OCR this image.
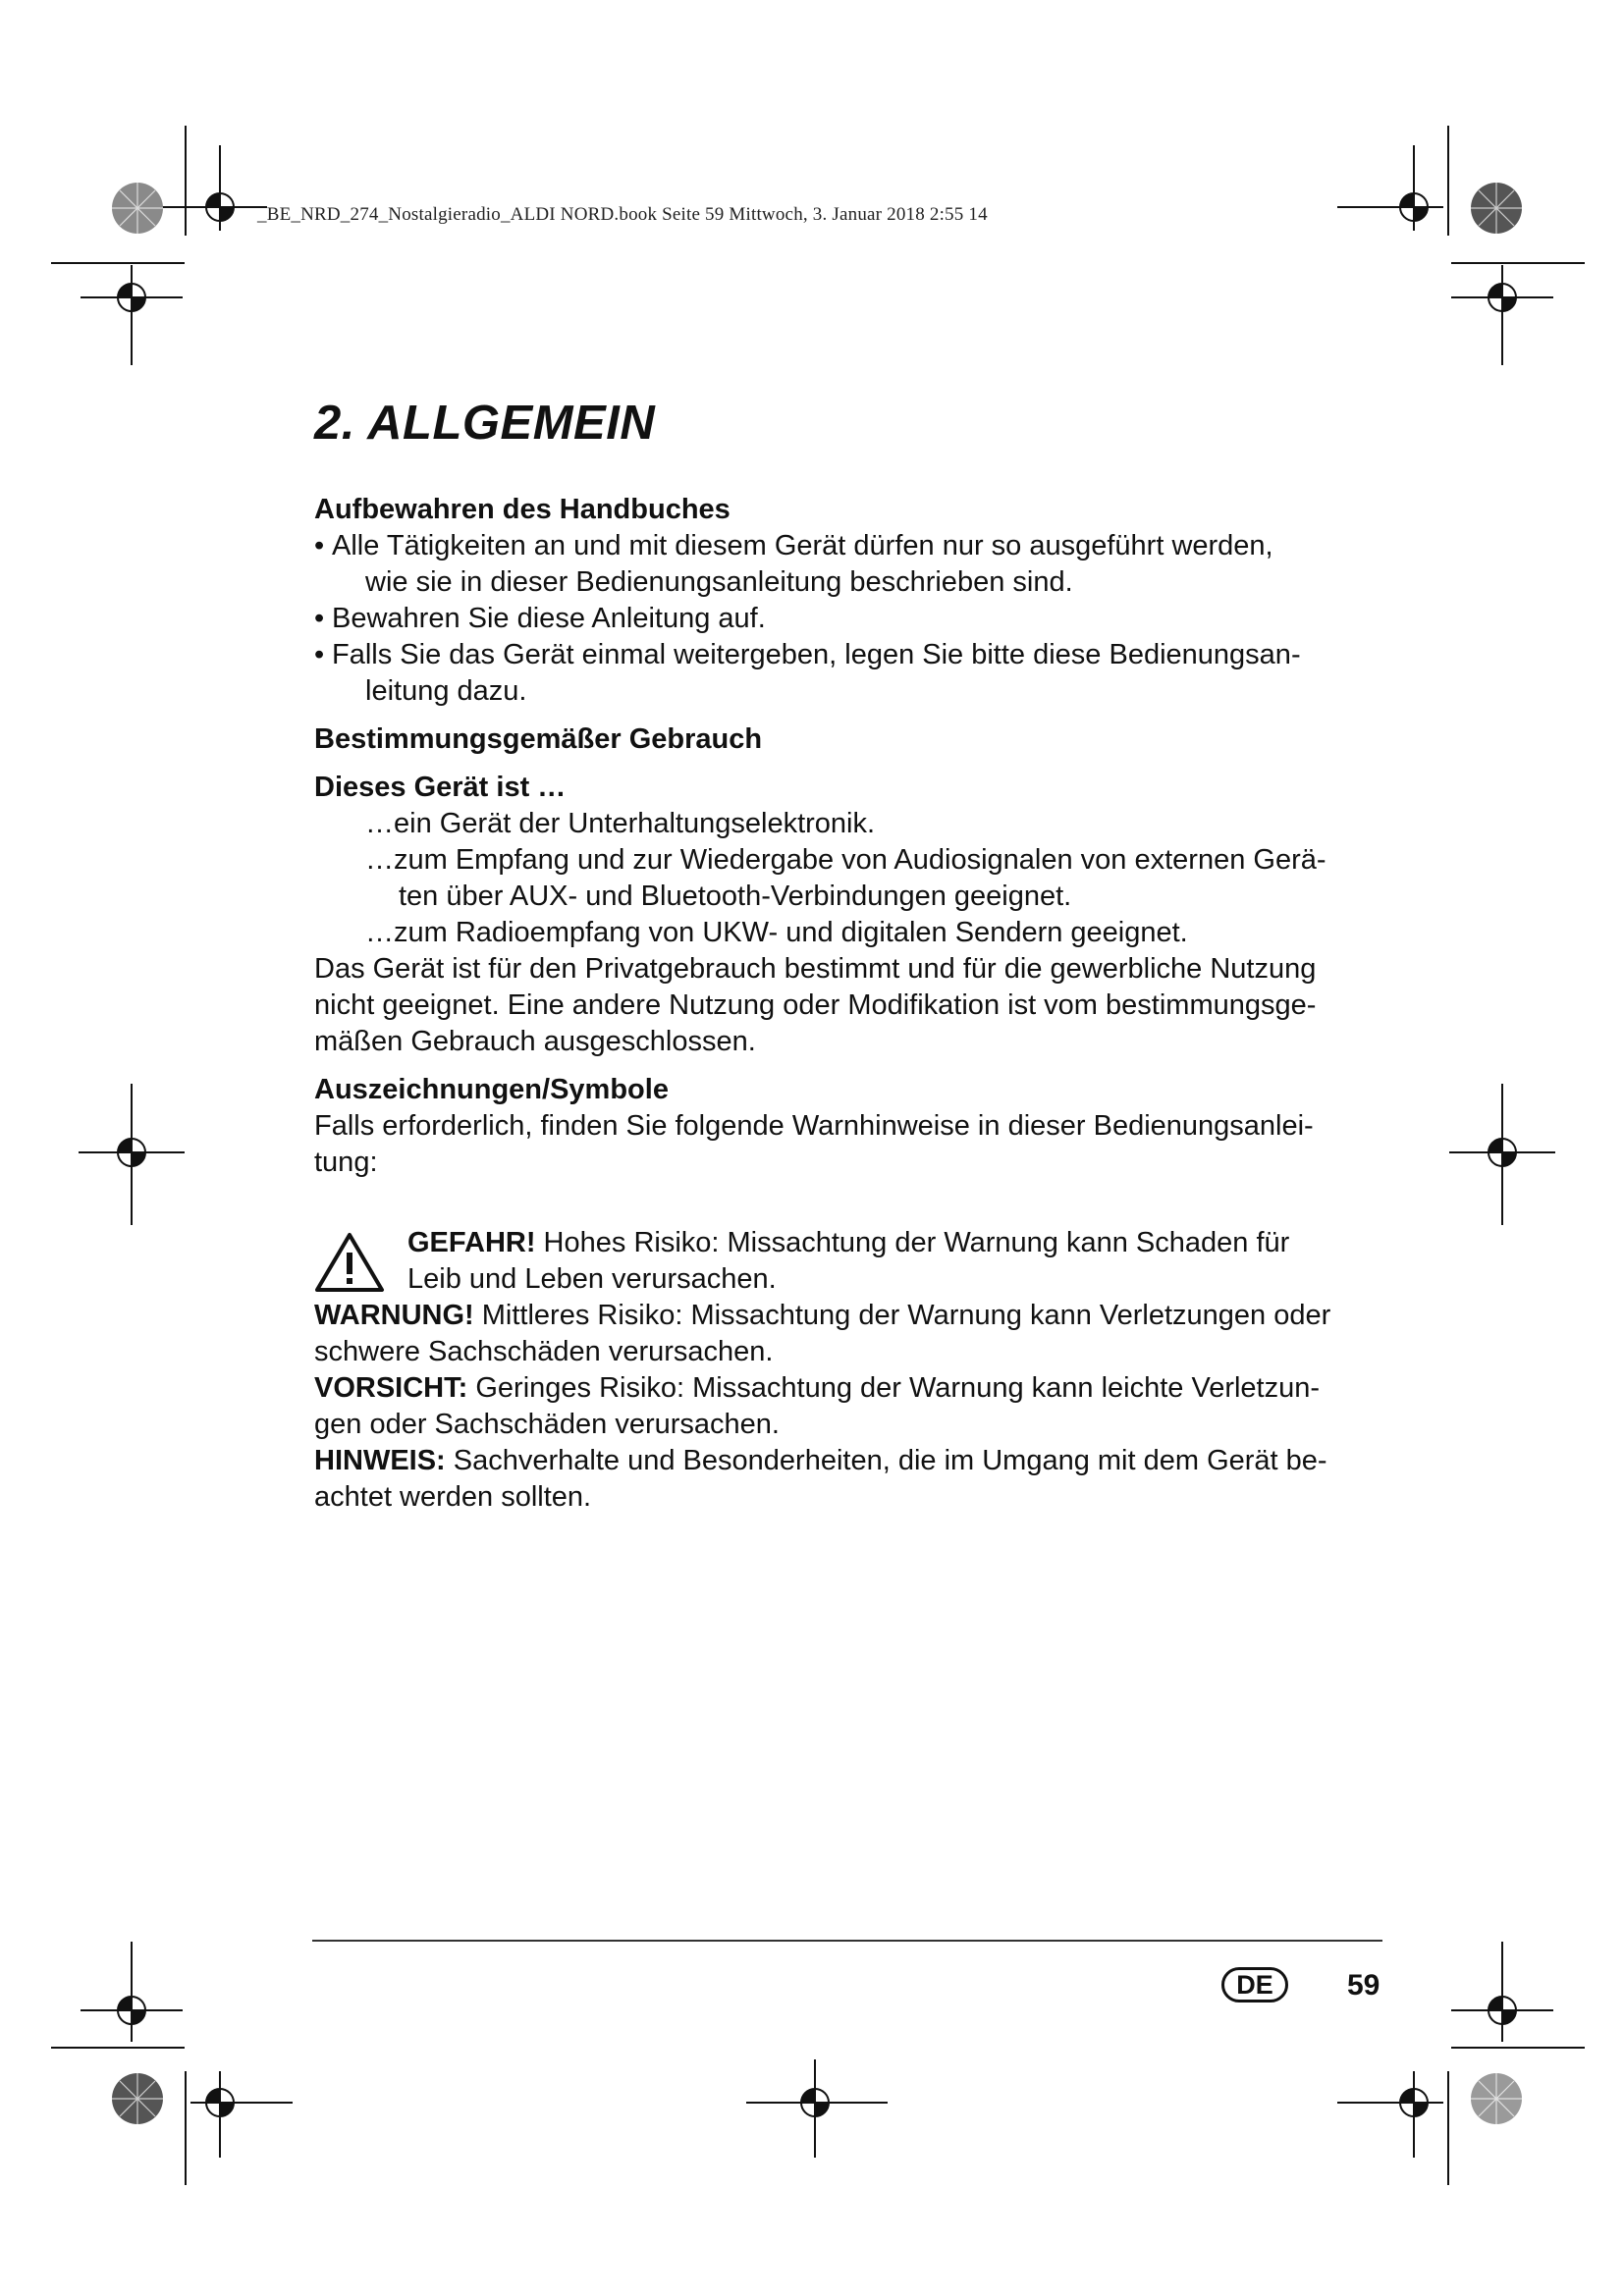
_BE_NRD_274_Nostalgieradio_ALDI NORD.book Seite 59 Mittwoch, 3. Januar 2018 2:55 14
2. ALLGEMEIN
Aufbewahren des Handbuches
• Alle Tätigkeiten an und mit diesem Gerät dürfen nur so ausgeführt werden,
wie sie in dieser Bedienungsanleitung beschrieben sind.
• Bewahren Sie diese Anleitung auf.
• Falls Sie das Gerät einmal weitergeben, legen Sie bitte diese Bedienungsan-
leitung dazu.
Bestimmungsgemäßer Gebrauch
Dieses Gerät ist …
…ein Gerät der Unterhaltungselektronik.
…zum Empfang und zur Wiedergabe von Audiosignalen von externen Gerä-
ten über AUX- und Bluetooth-Verbindungen geeignet.
…zum Radioempfang von UKW- und digitalen Sendern geeignet.
Das Gerät ist für den Privatgebrauch bestimmt und für die gewerbliche Nutzung
nicht geeignet. Eine andere Nutzung oder Modifikation ist vom bestimmungsge-
mäßen Gebrauch ausgeschlossen.
Auszeichnungen/Symbole
Falls erforderlich, finden Sie folgende Warnhinweise in dieser Bedienungsanlei-
tung:
GEFAHR! Hohes Risiko: Missachtung der Warnung kann Schaden für
Leib und Leben verursachen.
WARNUNG! Mittleres Risiko: Missachtung der Warnung kann Verletzungen oder
schwere Sachschäden verursachen.
VORSICHT: Geringes Risiko: Missachtung der Warnung kann leichte Verletzun-
gen oder Sachschäden verursachen.
HINWEIS: Sachverhalte und Besonderheiten, die im Umgang mit dem Gerät be-
achtet werden sollten.
DE	59
